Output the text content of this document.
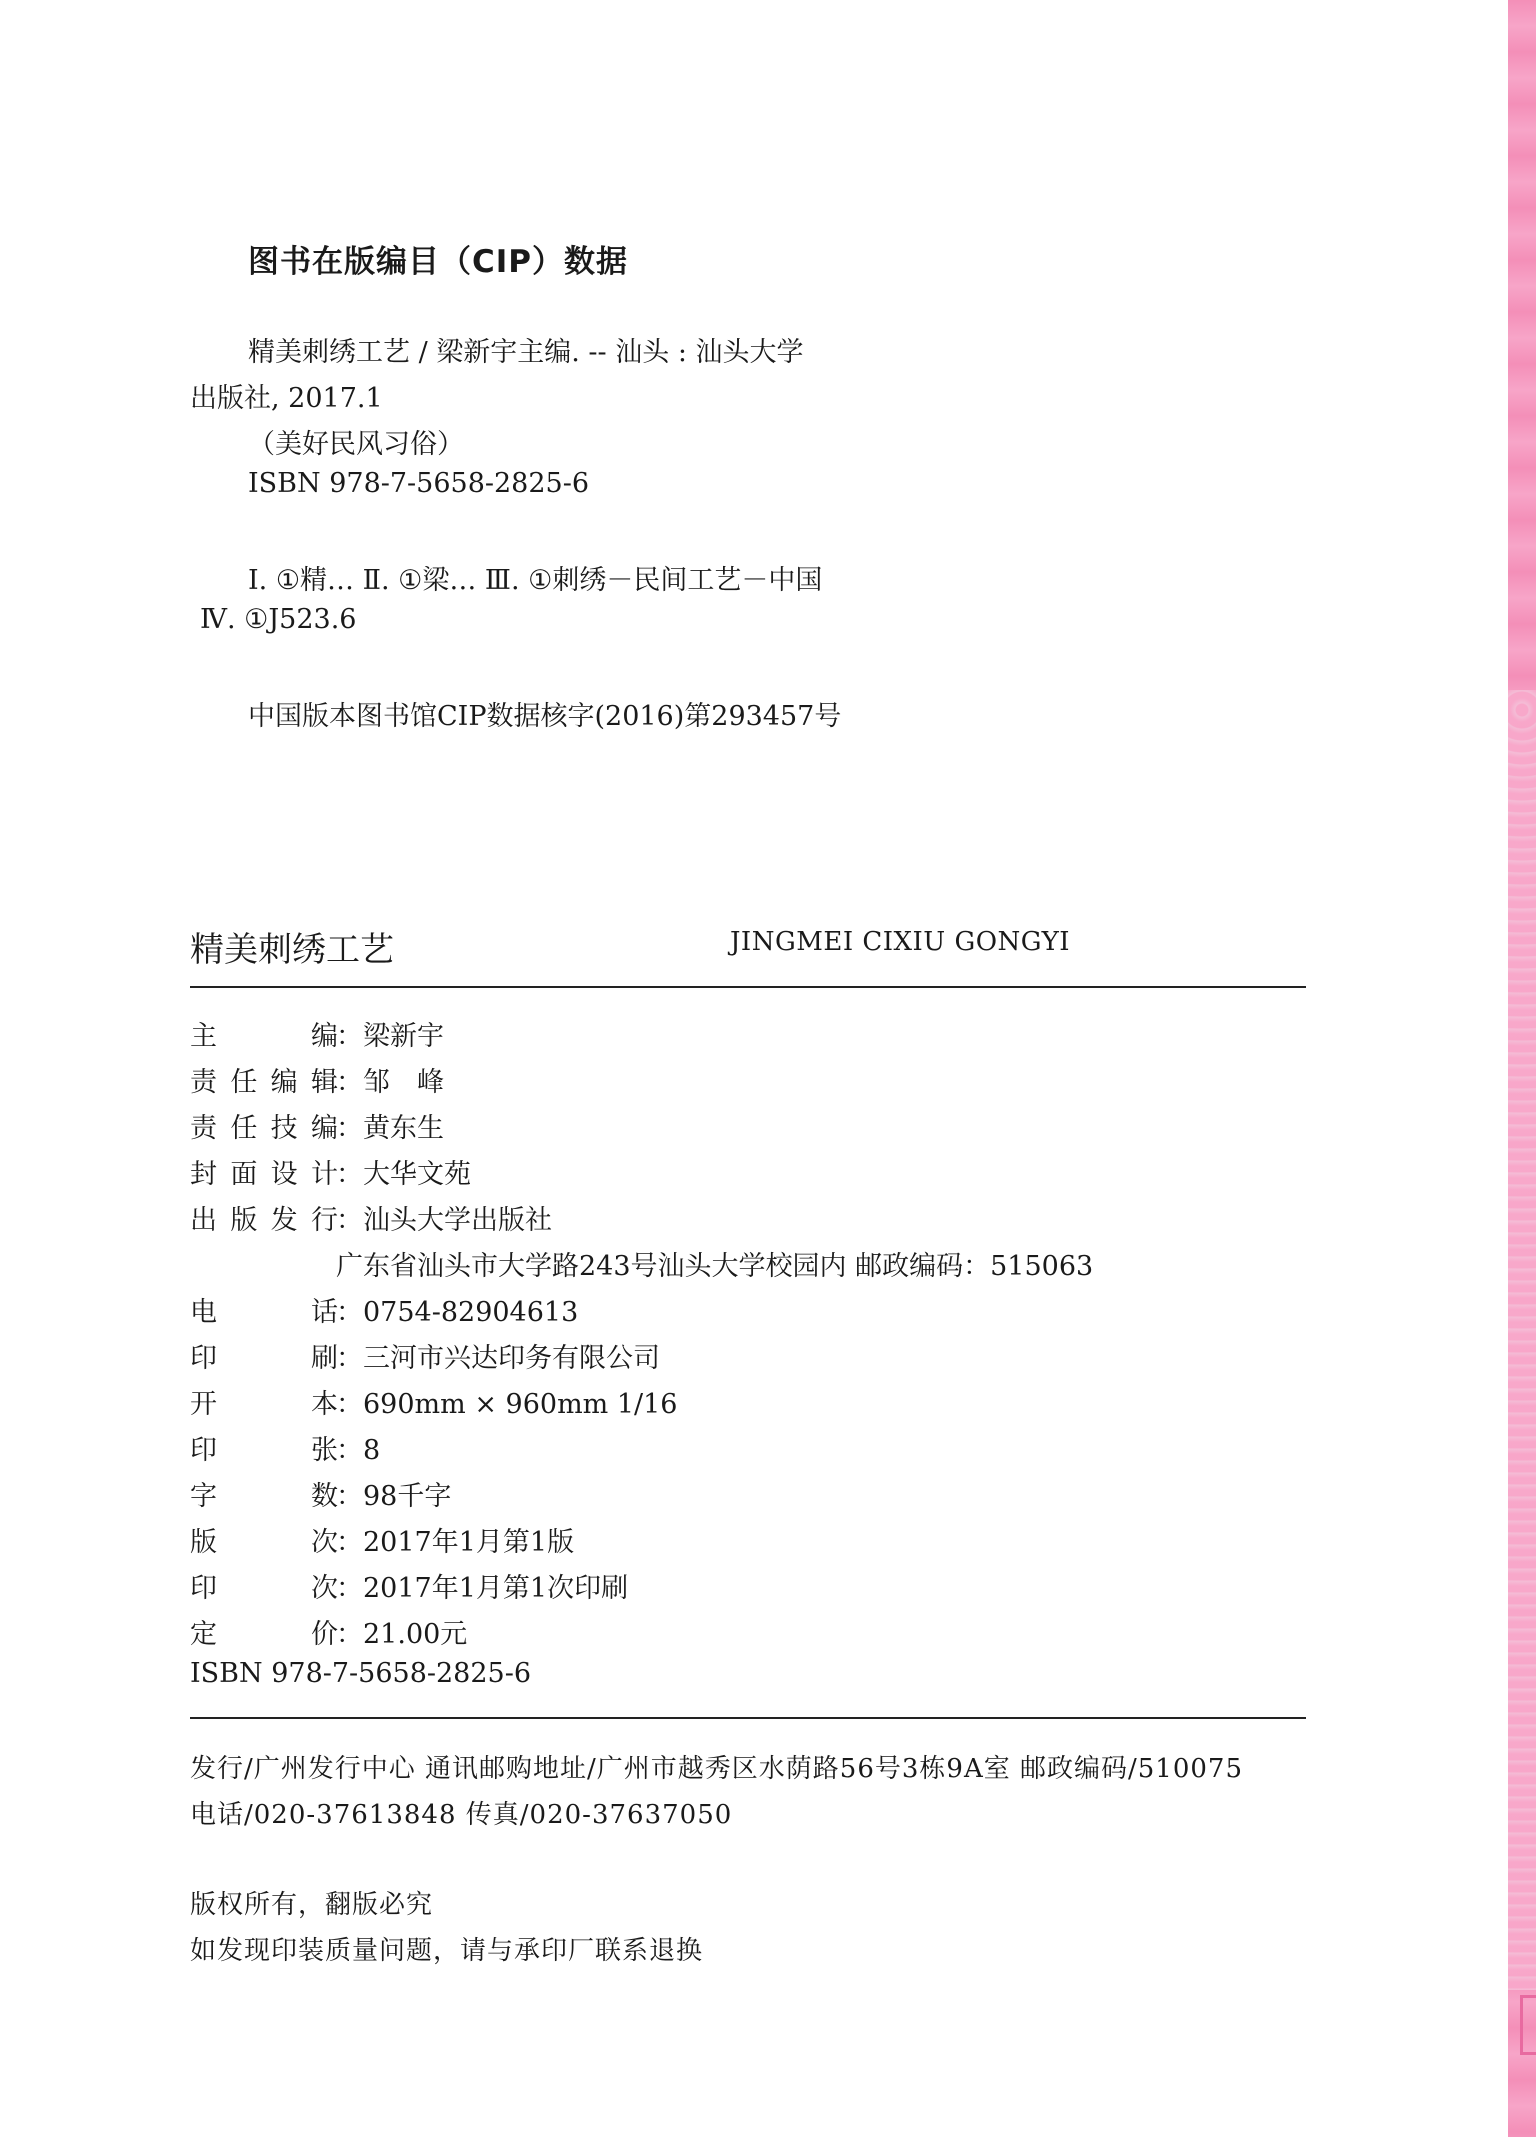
图书在版编目（CIP）数据
精美刺绣工艺 / 梁新宇主编. -- 汕头 : 汕头大学
出版社, 2017.1
（美好民风习俗）
ISBN 978-7-5658-2825-6
Ⅰ. ①精… Ⅱ. ①梁… Ⅲ. ①刺绣－民间工艺－中国
Ⅳ. ①J523.6
中国版本图书馆CIP数据核字(2016)第293457号
精美刺绣工艺	JINGMEI CIXIU GONGYI
主　编
：梁新宇
责任编辑
：邹　峰
责任技编
：黄东生
封面设计
：大华文苑
出版发行
：汕头大学出版社
广东省汕头市大学路243号汕头大学校园内 邮政编码：515063
电　话
：0754-82904613
印　刷
：三河市兴达印务有限公司
开　本
：690mm × 960mm 1/16
印　张
：8
字　数
：98千字
版　次
：2017年1月第1版
印　次
：2017年1月第1次印刷
定　价
：21.00元
ISBN 978-7-5658-2825-6
发行/广州发行中心 通讯邮购地址/广州市越秀区水荫路56号3栋9A室 邮政编码/510075
电话/020-37613848 传真/020-37637050
版权所有，翻版必究
如发现印装质量问题，请与承印厂联系退换
